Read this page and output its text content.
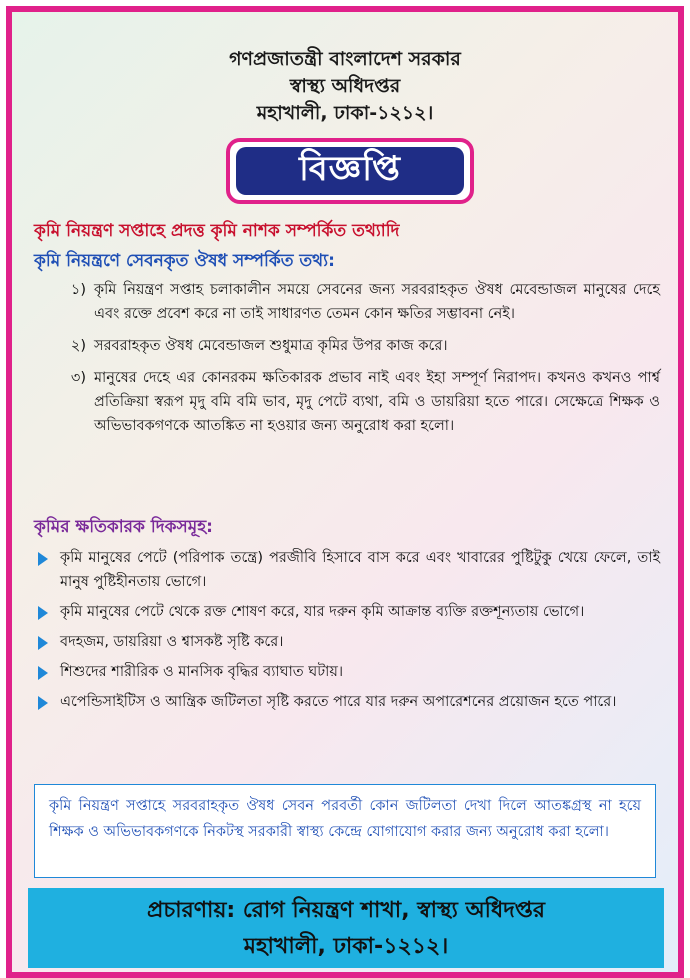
গণপ্রজাতন্ত্রী বাংলাদেশ সরকার
স্বাস্থ্য অধিদপ্তর
মহাখালী, ঢাকা-১২১২।
বিজ্ঞপ্তি
কৃমি নিয়ন্ত্রণ সপ্তাহে প্রদত্ত কৃমি নাশক সম্পর্কিত তথ্যাদি
কৃমি নিয়ন্ত্রণে সেবনকৃত ঔষধ সম্পর্কিত তথ্য:
১) কৃমি নিয়ন্ত্রণ সপ্তাহ চলাকালীন সময়ে সেবনের জন্য সরবরাহকৃত ঔষধ মেবেন্ডাজল মানুষের দেহে এবং রক্তে প্রবেশ করে না তাই সাধারণত তেমন কোন ক্ষতির সম্ভাবনা নেই।
২) সরবরাহকৃত ঔষধ মেবেন্ডাজল শুধুমাত্র কৃমির উপর কাজ করে।
৩) মানুষের দেহে এর কোনরকম ক্ষতিকারক প্রভাব নাই এবং ইহা সম্পূর্ণ নিরাপদ। কখনও কখনও পার্শ্ব প্রতিক্রিয়া স্বরূপ মৃদু বমি বমি ভাব, মৃদু পেটে ব্যথা, বমি ও ডায়রিয়া হতে পারে। সেক্ষেত্রে শিক্ষক ও অভিভাবকগণকে আতঙ্কিত না হওয়ার জন্য অনুরোধ করা হলো।
কৃমির ক্ষতিকারক দিকসমূহ:
কৃমি মানুষের পেটে (পরিপাক তন্ত্রে) পরজীবি হিসাবে বাস করে এবং খাবারের পুষ্টিটুকু খেয়ে ফেলে, তাই মানুষ পুষ্টিহীনতায় ভোগে।
কৃমি মানুষের পেটে থেকে রক্ত শোষণ করে, যার দরুন কৃমি আক্রান্ত ব্যক্তি রক্তশূন্যতায় ভোগে।
বদহজম, ডায়রিয়া ও শ্বাসকষ্ট সৃষ্টি করে।
শিশুদের শারীরিক ও মানসিক বৃদ্ধির ব্যাঘাত ঘটায়।
এপেন্ডিসাইটিস ও আন্ত্রিক জটিলতা সৃষ্টি করতে পারে যার দরুন অপারেশনের প্রয়োজন হতে পারে।
কৃমি নিয়ন্ত্রণ সপ্তাহে সরবরাহকৃত ঔষধ সেবন পরবর্তী কোন জটিলতা দেখা দিলে আতঙ্কগ্রস্থ না হয়ে শিক্ষক ও অভিভাবকগণকে নিকটস্থ সরকারী স্বাস্থ্য কেন্দ্রে যোগাযোগ করার জন্য অনুরোধ করা হলো।
প্রচারণায়: রোগ নিয়ন্ত্রণ শাখা, স্বাস্থ্য অধিদপ্তর
মহাখালী, ঢাকা-১২১২।
